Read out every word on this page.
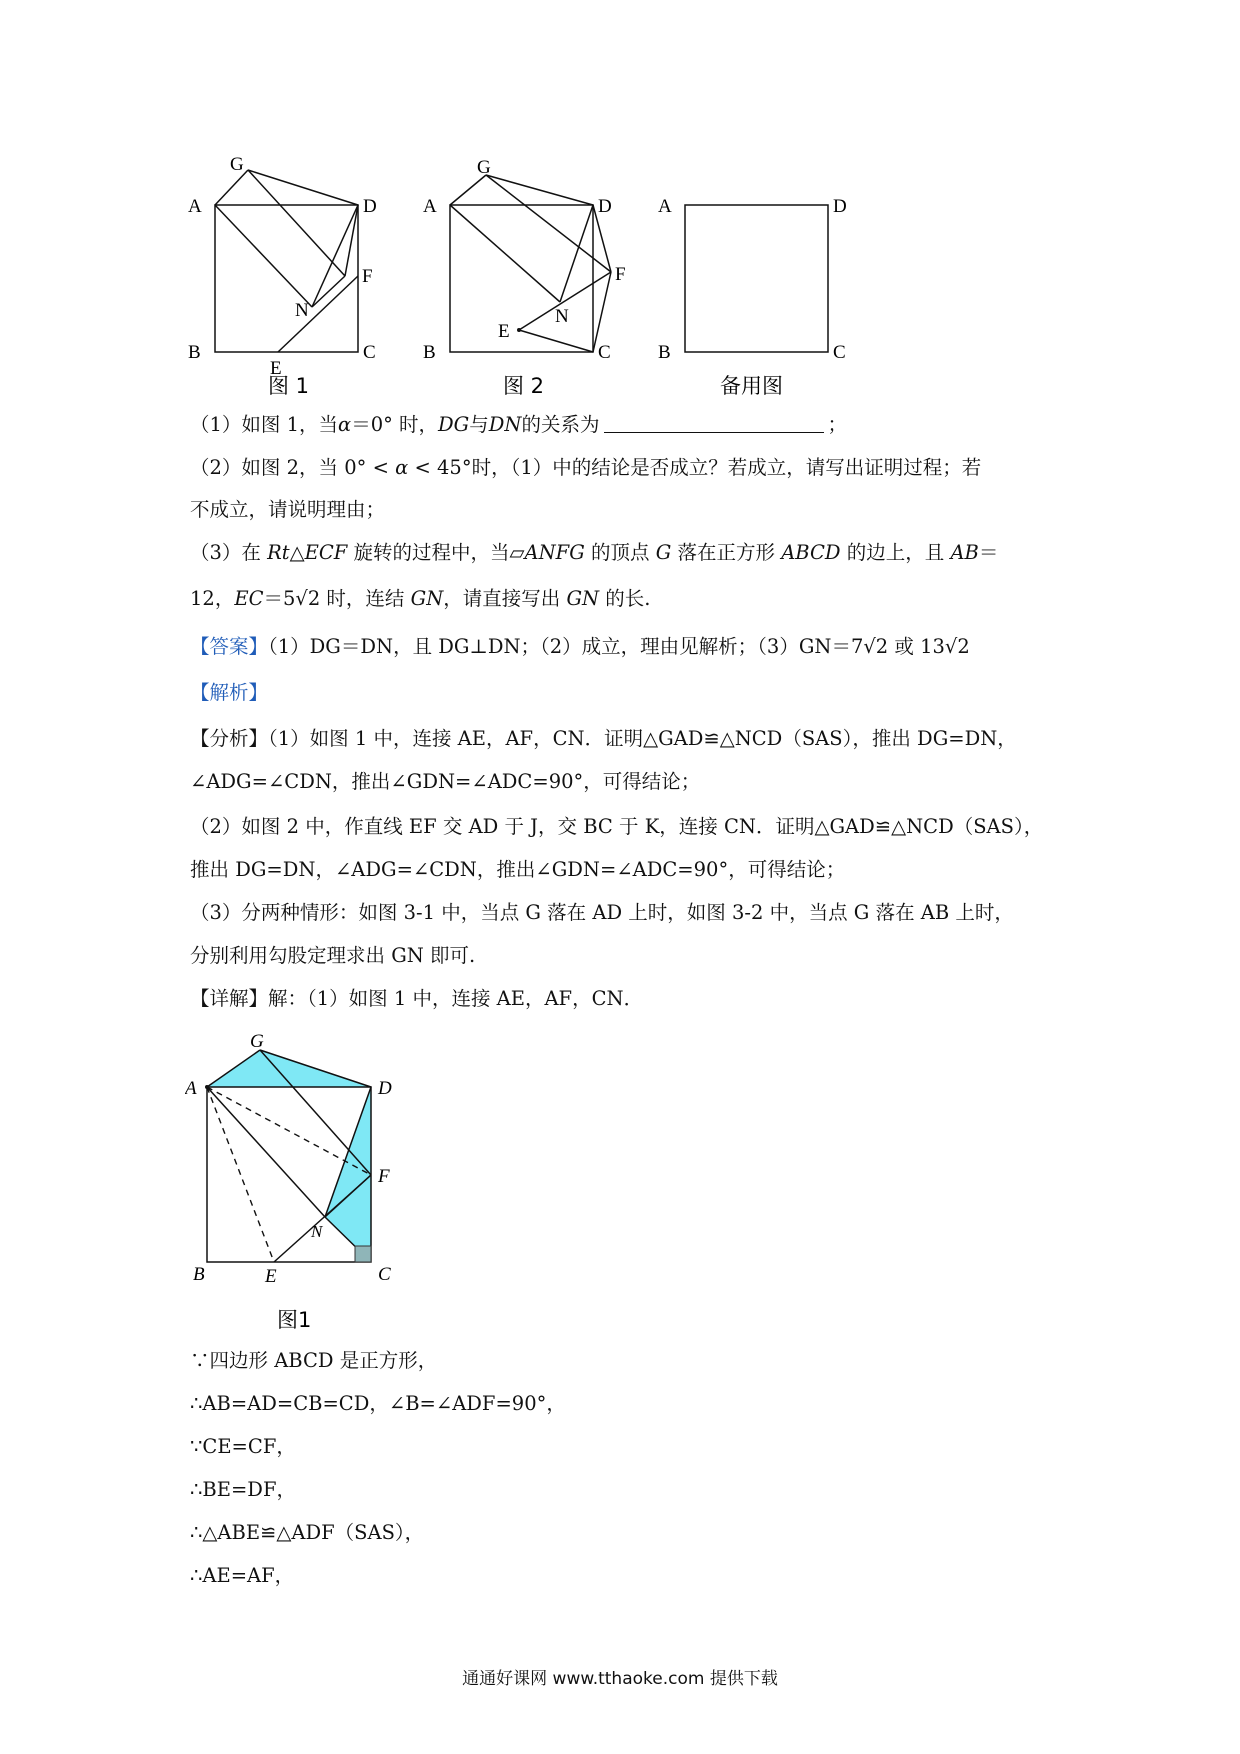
G
A	D
F
N
B	C
E
图 1
G
A	D
F
N
E
B	C
图 2
A	D
B	C
备用图
（1）如图 1，当α＝0° 时，DG与DN的关系为	；
（2）如图 2，当 0° < α < 45°时，（1）中的结论是否成立？若成立，请写出证明过程；若
不成立，请说明理由；
（3）在 Rt△ECF 旋转的过程中，当▱ANFG 的顶点 G 落在正方形 ABCD 的边上，且 AB＝
12，EC＝5√2 时，连结 GN，请直接写出 GN 的长.
【答案】（1）DG＝DN，且 DG⊥DN；（2）成立，理由见解析；（3）GN＝7√2 或 13√2
【解析】
【分析】（1）如图 1 中，连接 AE，AF，CN．证明△GAD≌△NCD（SAS），推出 DG=DN，
∠ADG=∠CDN，推出∠GDN=∠ADC=90°，可得结论；
（2）如图 2 中，作直线 EF 交 AD 于 J，交 BC 于 K，连接 CN．证明△GAD≌△NCD（SAS），
推出 DG=DN，∠ADG=∠CDN，推出∠GDN=∠ADC=90°，可得结论；
（3）分两种情形：如图 3-1 中，当点 G 落在 AD 上时，如图 3-2 中，当点 G 落在 AB 上时，
分别利用勾股定理求出 GN 即可.
【详解】解：（1）如图 1 中，连接 AE，AF，CN．
G
A	D
F
N
B	E	C
图1
∵四边形 ABCD 是正方形，
∴AB=AD=CB=CD，∠B=∠ADF=90°，
∵CE=CF，
∴BE=DF，
∴△ABE≌△ADF（SAS），
∴AE=AF，
通通好课网 www.tthaoke.com 提供下载
